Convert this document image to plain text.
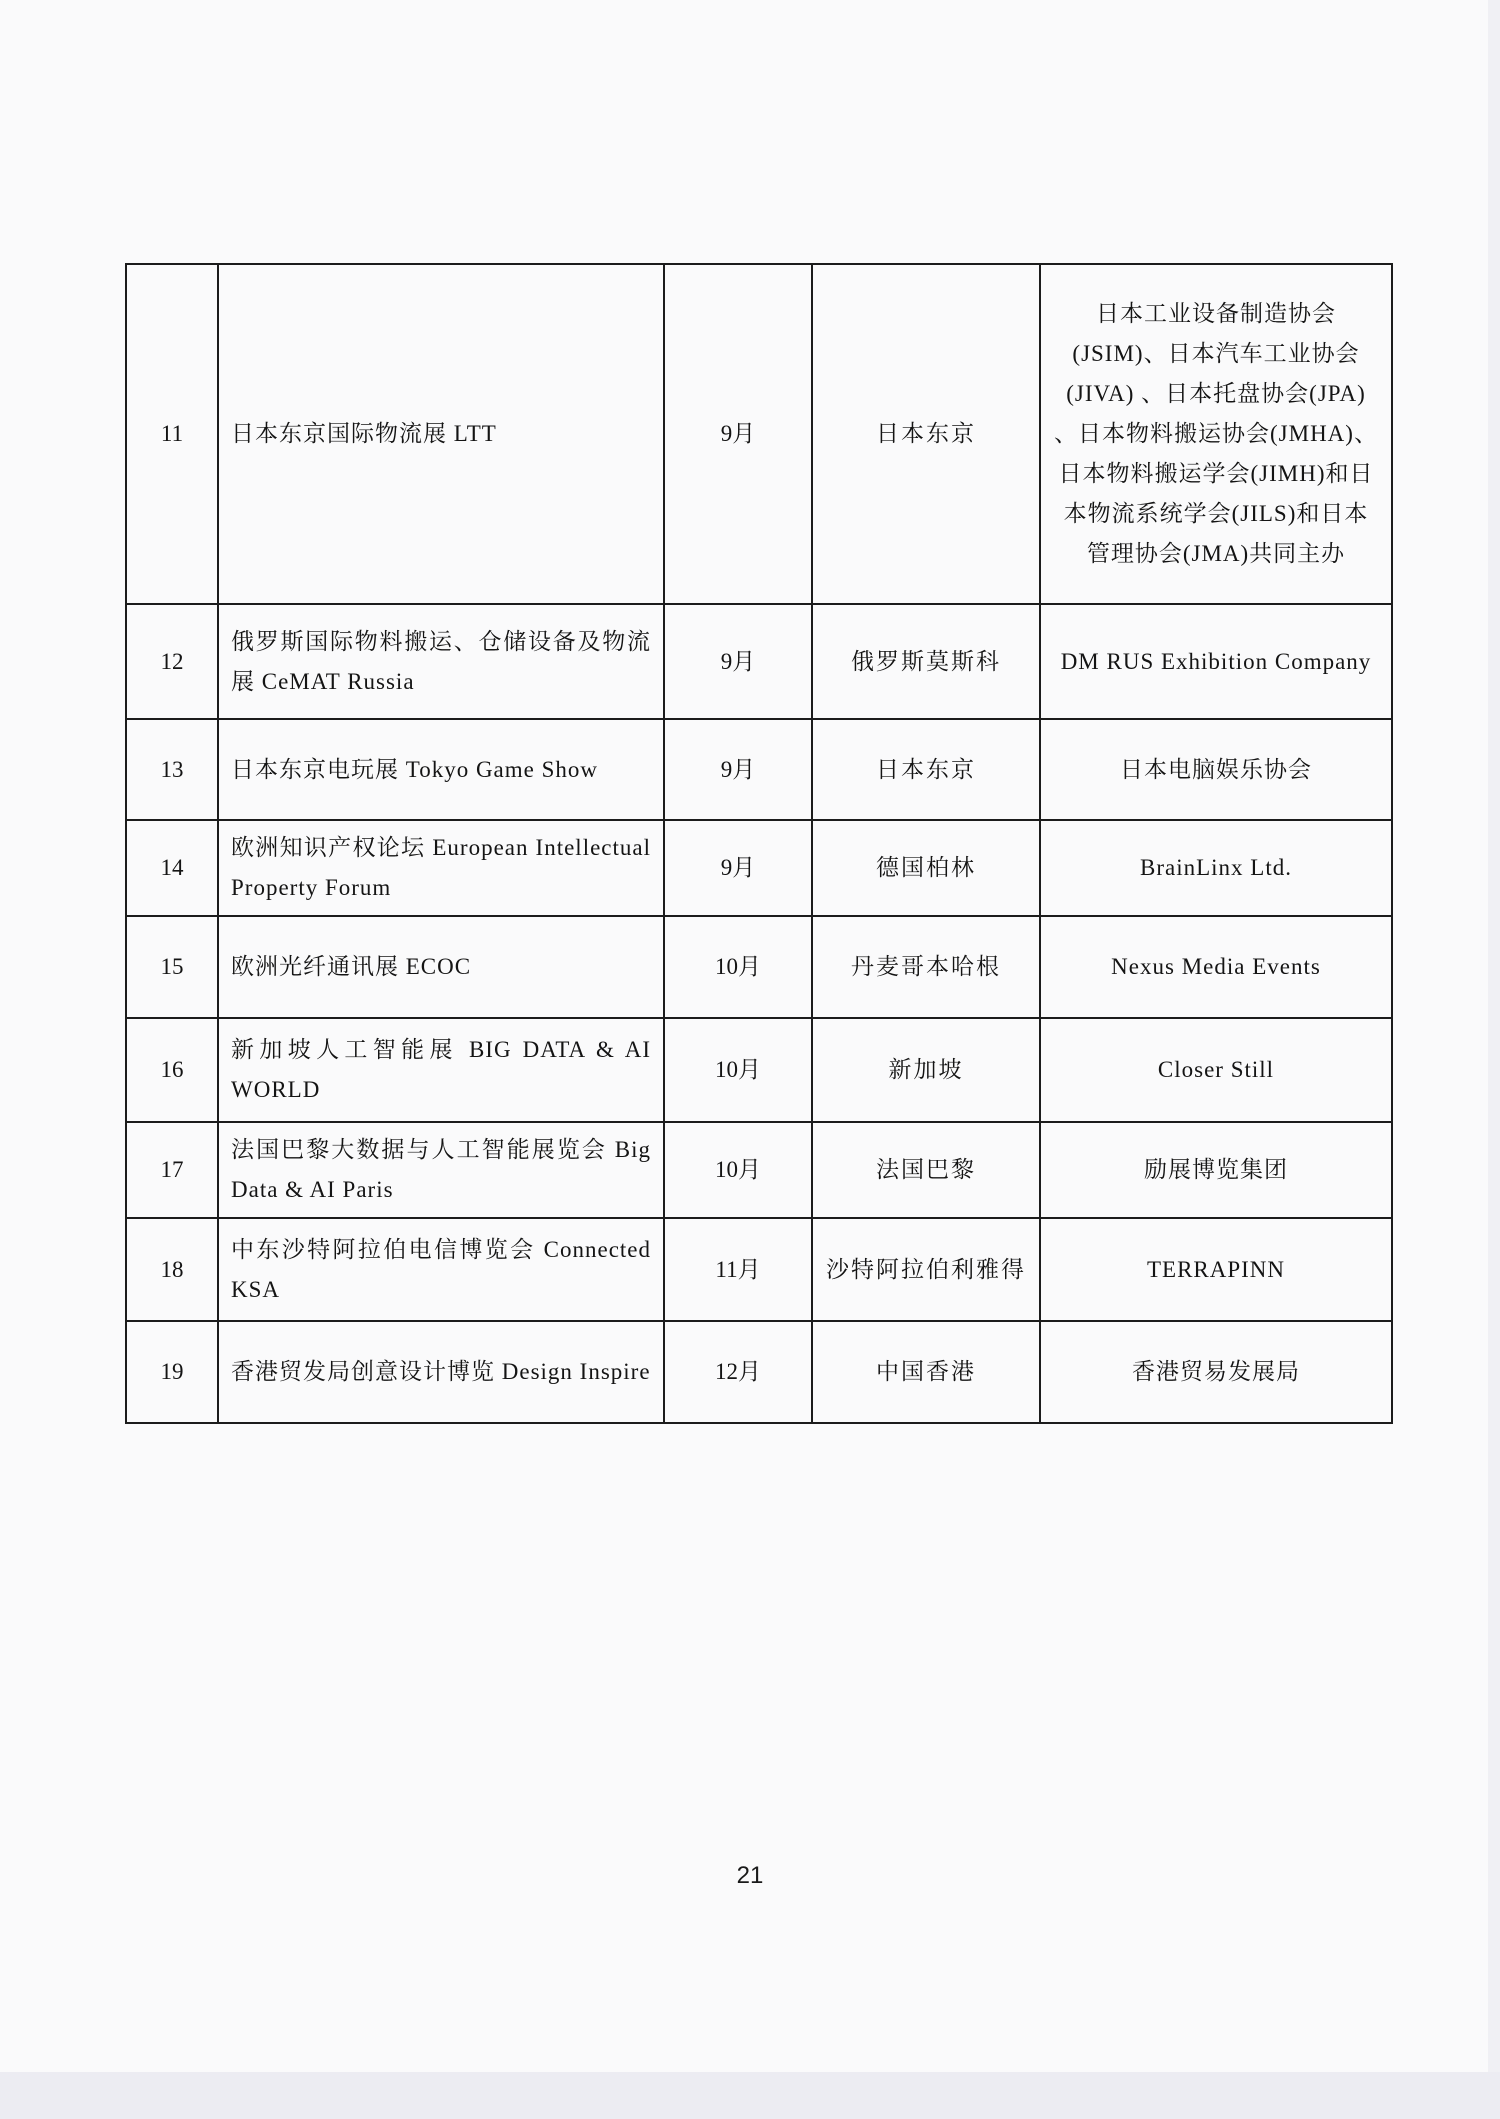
11	日本东京国际物流展 LTT	9月	日本东京	日本工业设备制造协会(JSIM)、日本汽车工业协会(JIVA) 、日本托盘协会(JPA) 、日本物料搬运协会(JMHA)、日本物料搬运学会(JIMH)和日本物流系统学会(JILS)和日本管理协会(JMA)共同主办
12	俄罗斯国际物料搬运、仓储设备及物流展 CeMAT Russia	9月	俄罗斯莫斯科	DM RUS Exhibition Company
13	日本东京电玩展 Tokyo Game Show	9月	日本东京	日本电脑娱乐协会
14	欧洲知识产权论坛 European Intellectual Property Forum	9月	德国柏林	BrainLinx Ltd.
15	欧洲光纤通讯展 ECOC	10月	丹麦哥本哈根	Nexus Media Events
16	新加坡人工智能展 BIG DATA & AI WORLD	10月	新加坡	Closer Still
17	法国巴黎大数据与人工智能展览会 Big Data & AI Paris	10月	法国巴黎	励展博览集团
18	中东沙特阿拉伯电信博览会 Connected KSA	11月	沙特阿拉伯利雅得	TERRAPINN
19	香港贸发局创意设计博览 Design Inspire	12月	中国香港	香港贸易发展局
21
